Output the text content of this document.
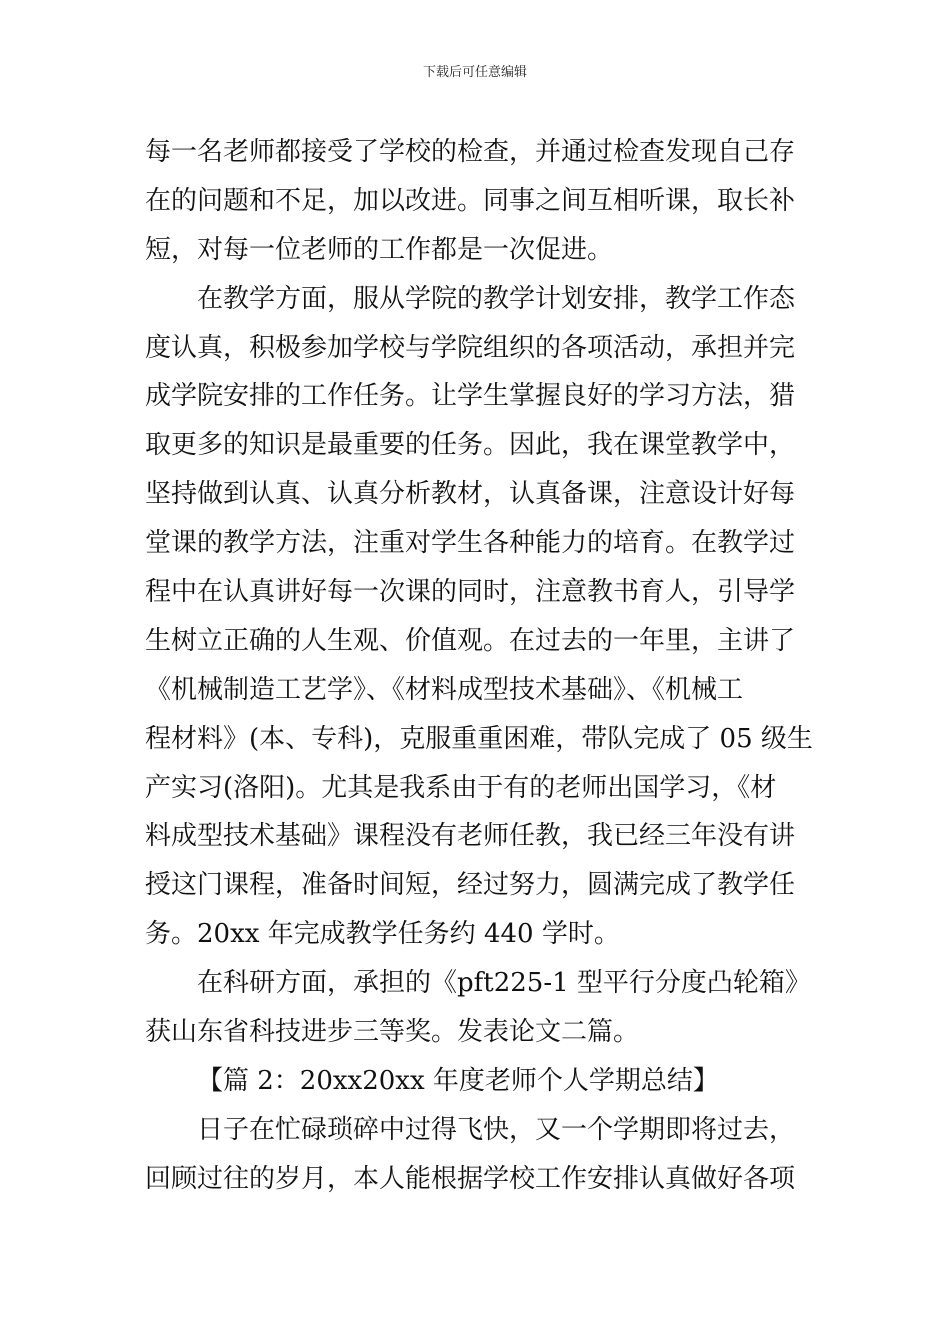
下载后可任意编辑
每一名老师都接受了学校的检查，并通过检查发现自己存
在的问题和不足，加以改进。同事之间互相听课，取长补
短，对每一位老师的工作都是一次促进。
在教学方面，服从学院的教学计划安排，教学工作态
度认真，积极参加学校与学院组织的各项活动，承担并完
成学院安排的工作任务。让学生掌握良好的学习方法，猎
取更多的知识是最重要的任务。因此，我在课堂教学中，
坚持做到认真、认真分析教材，认真备课，注意设计好每
堂课的教学方法，注重对学生各种能力的培育。在教学过
程中在认真讲好每一次课的同时，注意教书育人，引导学
生树立正确的人生观、价值观。在过去的一年里，主讲了
《机械制造工艺学》、《材料成型技术基础》、《机械工
程材料》(本、专科)，克服重重困难，带队完成了 05 级生
产实习(洛阳)。尤其是我系由于有的老师出国学习，《材
料成型技术基础》课程没有老师任教，我已经三年没有讲
授这门课程，准备时间短，经过努力，圆满完成了教学任
务。20xx 年完成教学任务约 440 学时。
在科研方面，承担的《pft225-1 型平行分度凸轮箱》
获山东省科技进步三等奖。发表论文二篇。
【篇 2：20xx20xx 年度老师个人学期总结】
日子在忙碌琐碎中过得飞快，又一个学期即将过去，
回顾过往的岁月，本人能根据学校工作安排认真做好各项
